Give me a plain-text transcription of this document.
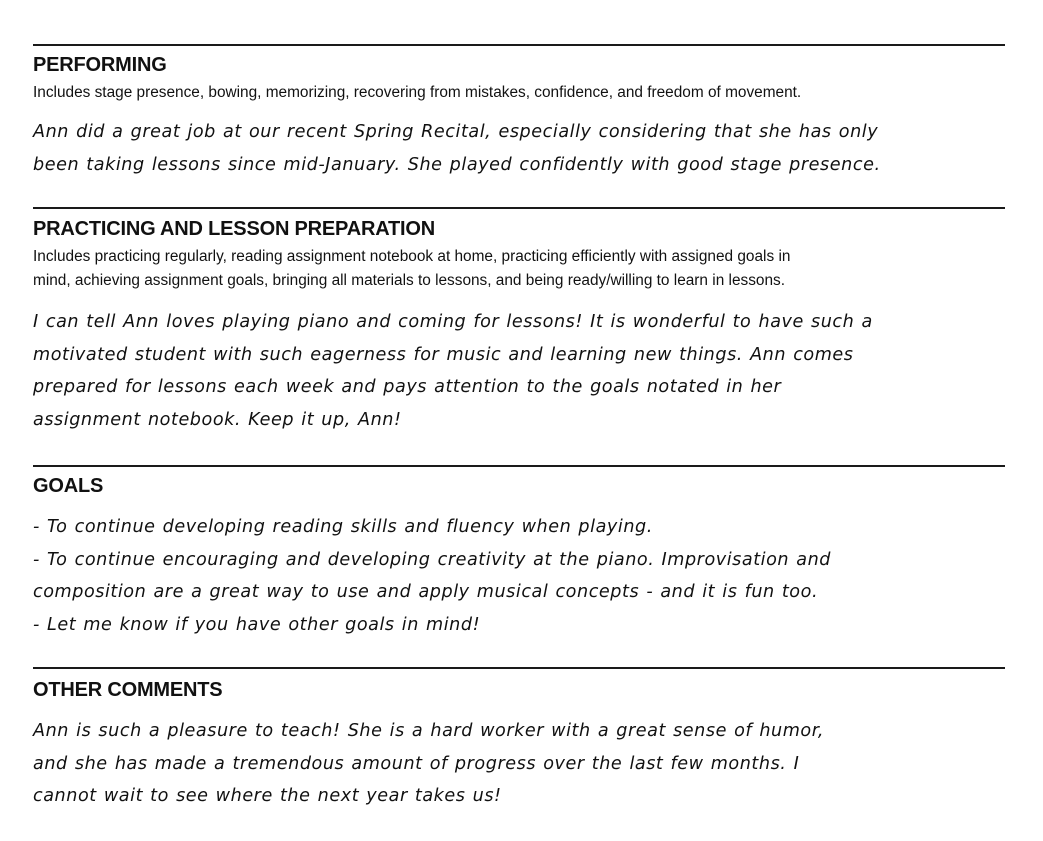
PERFORMING

Includes stage presence, bowing, memorizing, recovering from mistakes, confidence, and freedom of movement.

Ann did a great job at our recent Spring Recital, especially considering that she has only
been taking lessons since mid-January. She played confidently with good stage presence.
PRACTICING AND LESSON PREPARATION
Includes practicing regularly, reading assignment notebook at home, practicing efficiently with assigned goals in
mind, achieving assignment goals, bringing all materials to lessons, and being ready/willing to learn in lessons.
I can tell Ann loves playing piano and coming for lessons! It is wonderful to have such a
motivated student with such eagerness for music and learning new things. Ann comes
prepared for lessons each week and pays attention to the goals notated in her
assignment notebook. Keep it up, Ann!
GOALS
- To continue developing reading skills and fluency when playing.
- To continue encouraging and developing creativity at the piano. Improvisation and
composition are a great way to use and apply musical concepts - and it is fun too.
- Let me know if you have other goals in mind!
OTHER COMMENTS
Ann is such a pleasure to teach! She is a hard worker with a great sense of humor,
and she has made a tremendous amount of progress over the last few months. I
cannot wait to see where the next year takes us!
